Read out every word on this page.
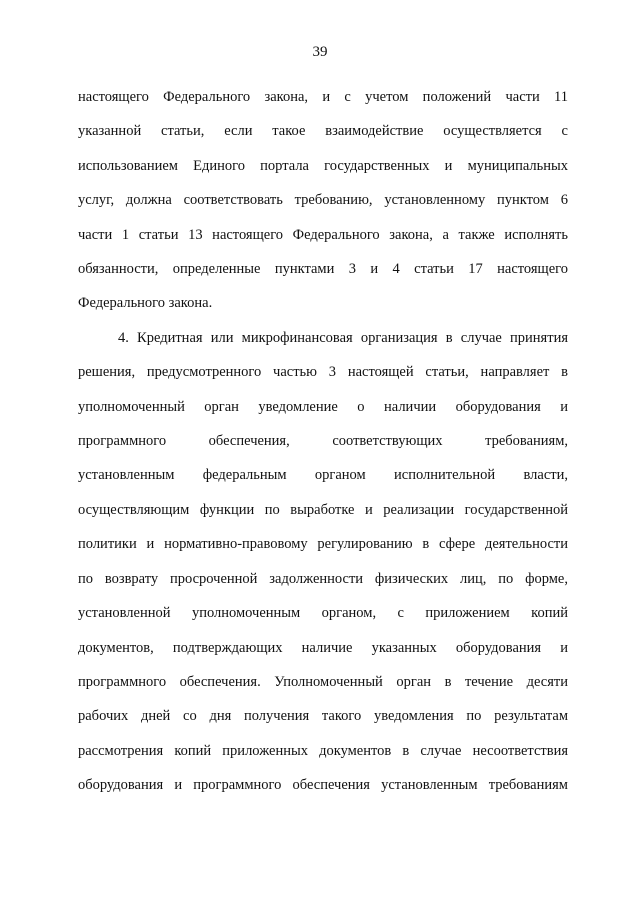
39

настоящего Федерального закона, и с учетом положений части 11
указанной статьи, если такое взаимодействие осуществляется с
использованием Единого портала государственных и муниципальных
услуг, должна соответствовать требованию, установленному пунктом 6
части 1 статьи 13 настоящего Федерального закона, а также исполнять
обязанности, определенные пунктами 3 и 4 статьи 17 настоящего
Федерального закона.

4. Кредитная или микрофинансовая организация в случае принятия
решения, предусмотренного частью 3 настоящей статьи, направляет в
уполномоченный орган уведомление о наличии оборудования и
программного обеспечения, соответствующих требованиям,
установленным федеральным органом исполнительной власти,
осуществляющим функции по выработке и реализации государственной
политики и нормативно-правовому регулированию в сфере деятельности
по возврату просроченной задолженности физических лиц, по форме,
установленной уполномоченным органом, с приложением копий
документов, подтверждающих наличие указанных оборудования и
программного обеспечения. Уполномоченный орган в течение десяти
рабочих дней со дня получения такого уведомления по результатам
рассмотрения копий приложенных документов в случае несоответствия
оборудования и программного обеспечения установленным требованиям
